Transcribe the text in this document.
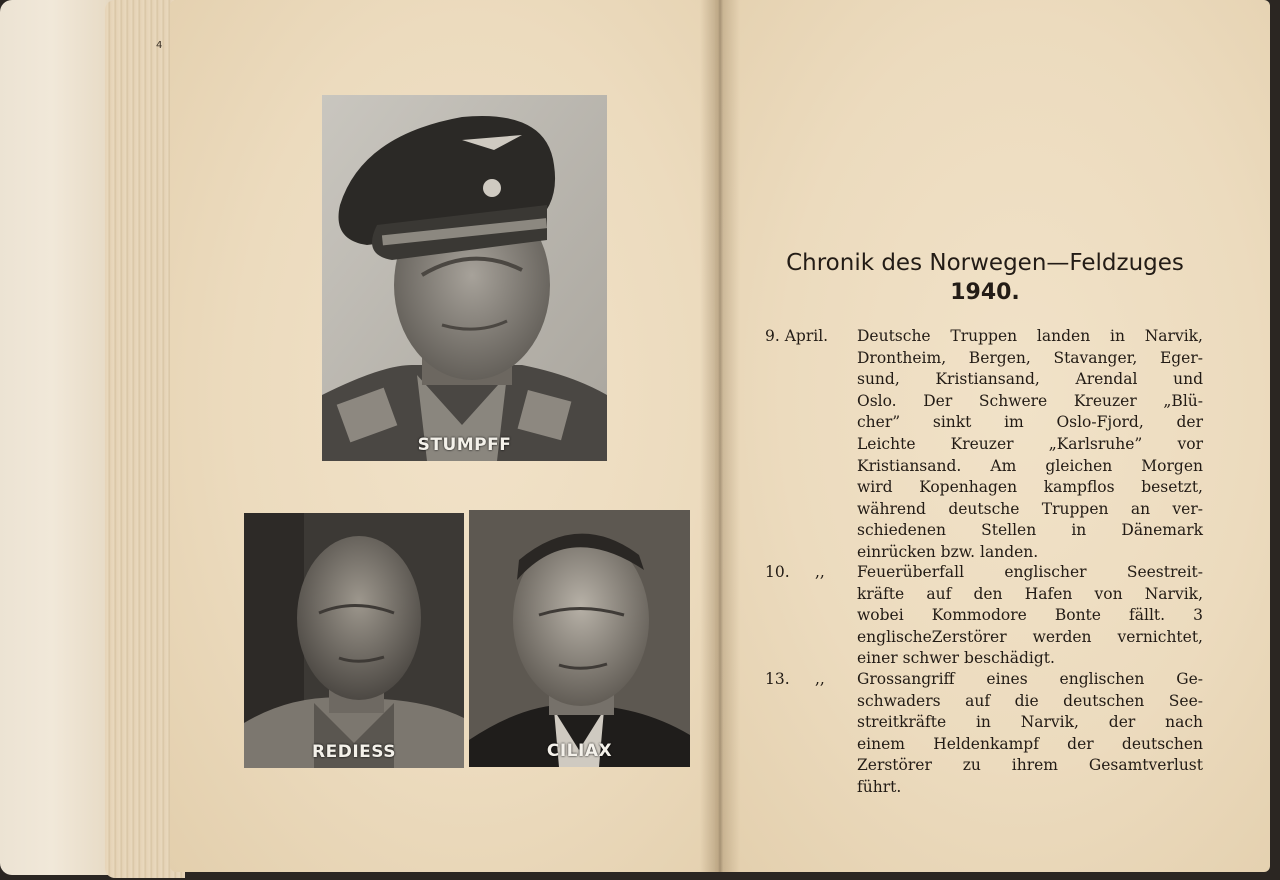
4
STUMPFF
REDIESS	CILIAX
Chronik des Norwegen—Feldzuges
1940.
9. April.	Deutsche Truppen landen in Narvik,
Drontheim, Bergen, Stavanger, Eger-
sund, Kristiansand, Arendal und
Oslo. Der Schwere Kreuzer „Blü-
cher” sinkt im Oslo-Fjord, der
Leichte Kreuzer „Karlsruhe” vor
Kristiansand. Am gleichen Morgen
wird Kopenhagen kampflos besetzt,
während deutsche Truppen an ver-
schiedenen Stellen in Dänemark
einrücken bzw. landen.
10.	,, Feuerüberfall englischer Seestreit-
kräfte auf den Hafen von Narvik,
wobei Kommodore Bonte fällt. 3
englischeZerstörer werden vernichtet,
einer schwer beschädigt.
13.	,, Grossangriff eines englischen Ge-
schwaders auf die deutschen See-
streitkräfte in Narvik, der nach
einem Heldenkampf der deutschen
Zerstörer zu ihrem Gesamtverlust
führt.
